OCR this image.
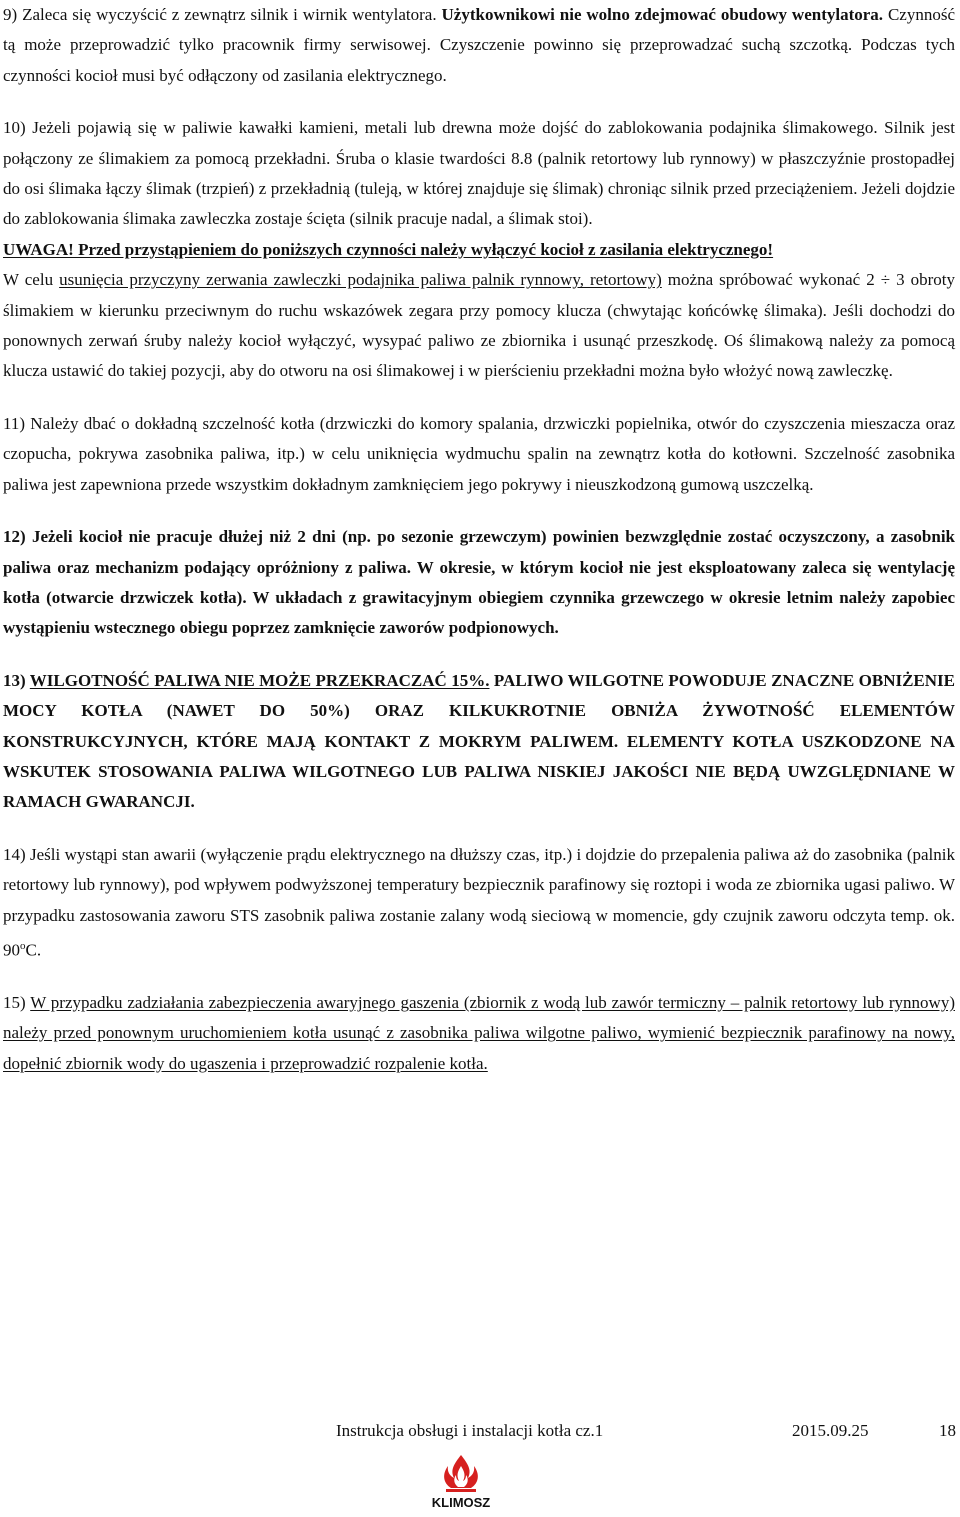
9) Zaleca się wyczyścić z zewnątrz silnik i wirnik wentylatora. Użytkownikowi nie wolno zdejmować obudowy wentylatora. Czynność tą może przeprowadzić tylko pracownik firmy serwisowej. Czyszczenie powinno się przeprowadzać suchą szczotką. Podczas tych czynności kocioł musi być odłączony od zasilania elektrycznego.

10) Jeżeli pojawią się w paliwie kawałki kamieni, metali lub drewna może dojść do zablokowania podajnika ślimakowego. Silnik jest połączony ze ślimakiem za pomocą przekładni. Śruba o klasie twardości 8.8 (palnik retortowy lub rynnowy) w płaszczyźnie prostopadłej do osi ślimaka łączy ślimak (trzpień) z przekładnią (tuleją, w której znajduje się ślimak) chroniąc silnik przed przeciążeniem. Jeżeli dojdzie do zablokowania ślimaka zawleczka zostaje ścięta (silnik pracuje nadal, a ślimak stoi).

UWAGA! Przed przystąpieniem do poniższych czynności należy wyłączyć kocioł z zasilania elektrycznego!

W celu usunięcia przyczyny zerwania zawleczki podajnika paliwa palnik rynnowy, retortowy) można spróbować wykonać 2 ÷ 3 obroty ślimakiem w kierunku przeciwnym do ruchu wskazówek zegara przy pomocy klucza (chwytając końcówkę ślimaka). Jeśli dochodzi do ponownych zerwań śruby należy kocioł wyłączyć, wysypać paliwo ze zbiornika i usunąć przeszkodę. Oś ślimakową należy za pomocą klucza ustawić do takiej pozycji, aby do otworu na osi ślimakowej i w pierścieniu przekładni można było włożyć nową zawleczkę.

11) Należy dbać o dokładną szczelność kotła (drzwiczki do komory spalania, drzwiczki popielnika, otwór do czyszczenia mieszacza oraz czopucha, pokrywa zasobnika paliwa, itp.) w celu uniknięcia wydmuchu spalin na zewnątrz kotła do kotłowni. Szczelność zasobnika paliwa jest zapewniona przede wszystkim dokładnym zamknięciem jego pokrywy i nieuszkodzoną gumową uszczelką.

12) Jeżeli kocioł nie pracuje dłużej niż 2 dni (np. po sezonie grzewczym) powinien bezwzględnie zostać oczyszczony, a zasobnik paliwa oraz mechanizm podający opróżniony z paliwa. W okresie, w którym kocioł nie jest eksploatowany zaleca się wentylację kotła (otwarcie drzwiczek kotła). W układach z grawitacyjnym obiegiem czynnika grzewczego w okresie letnim należy zapobiec wystąpieniu wstecznego obiegu poprzez zamknięcie zaworów podpionowych.

13) WILGOTNOŚĆ PALIWA NIE MOŻE PRZEKRACZAĆ 15%. PALIWO WILGOTNE POWODUJE ZNACZNE OBNIŻENIE MOCY KOTŁA (NAWET DO 50%) ORAZ KILKUKROTNIE OBNIŻA ŻYWOTNOŚĆ ELEMENTÓW KONSTRUKCYJNYCH, KTÓRE MAJĄ KONTAKT Z MOKRYM PALIWEM. ELEMENTY KOTŁA USZKODZONE NA WSKUTEK STOSOWANIA PALIWA WILGOTNEGO LUB PALIWA NISKIEJ JAKOŚCI NIE BĘDĄ UWZGLĘDNIANE W RAMACH GWARANCJI.

14) Jeśli wystąpi stan awarii (wyłączenie prądu elektrycznego na dłuższy czas, itp.) i dojdzie do przepalenia paliwa aż do zasobnika (palnik retortowy lub rynnowy), pod wpływem podwyższonej temperatury bezpiecznik parafinowy się roztopi i woda ze zbiornika ugasi paliwo. W przypadku zastosowania zaworu STS zasobnik paliwa zostanie zalany wodą sieciową w momencie, gdy czujnik zaworu odczyta temp. ok. 90$^o$C.

15) W przypadku zadziałania zabezpieczenia awaryjnego gaszenia (zbiornik z wodą lub zawór termiczny – palnik retortowy lub rynnowy) należy przed ponownym uruchomieniem kotła usunąć z zasobnika paliwa wilgotne paliwo, wymienić bezpiecznik parafinowy na nowy, dopełnić zbiornik wody do ugaszenia i przeprowadzić rozpalenie kotła.

Instrukcja obsługi i instalacji kotła cz.1	2015.09.25	18
KLIMOSZ
